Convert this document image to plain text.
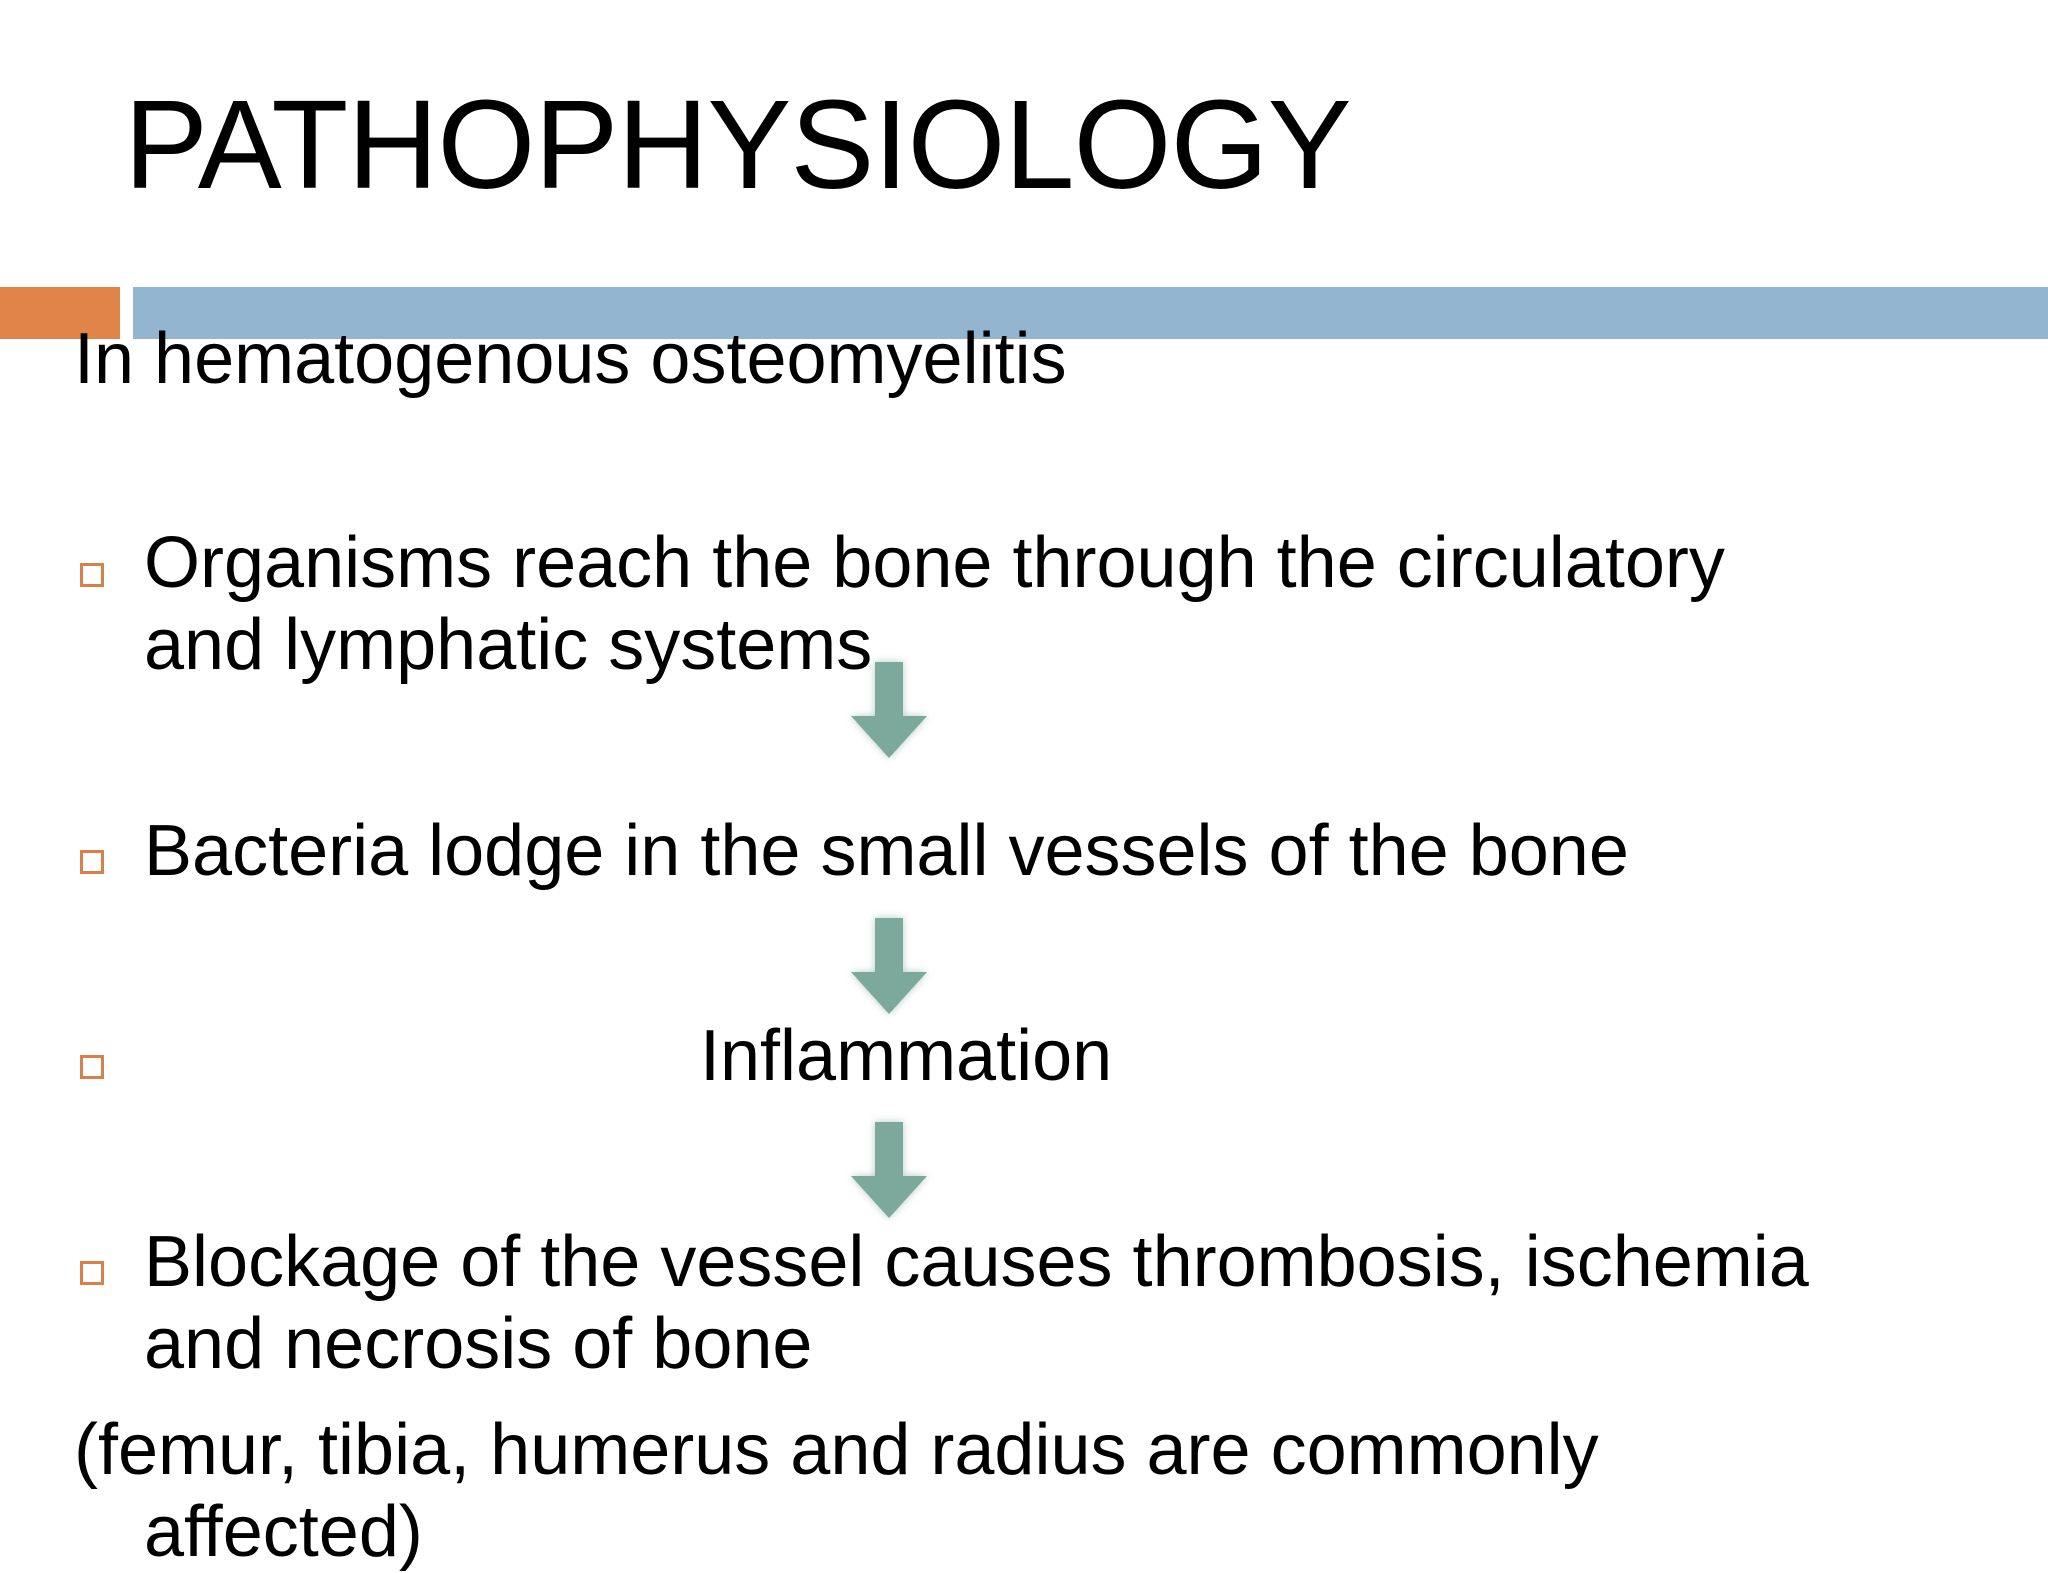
PATHOPHYSIOLOGY
In hematogenous osteomyelitis
Organisms reach the bone through the circulatory
and lymphatic systems
Bacteria lodge in the small vessels of the bone
Inflammation
Blockage of the vessel causes thrombosis, ischemia
and necrosis of bone
(femur, tibia, humerus and radius are commonly
affected)
